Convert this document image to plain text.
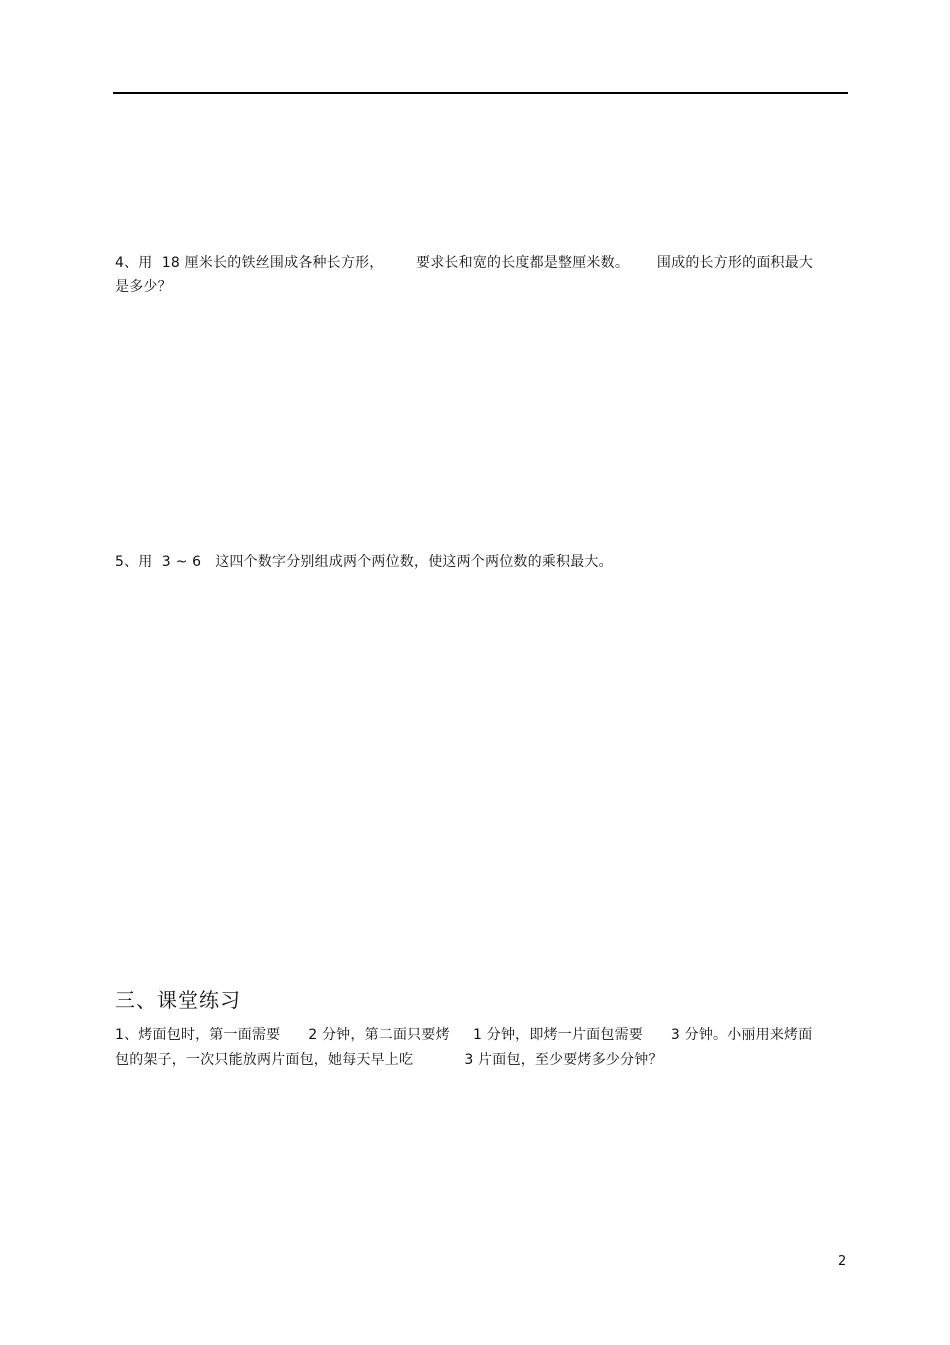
4、用  18 厘米长的铁丝围成各种长方形，       要求长和宽的长度都是整厘米数。      围成的长方形的面积最大
是多少？
5、用  3 ~ 6   这四个数字分别组成两个两位数，使这两个两位数的乘积最大。
三、课堂练习
1、烤面包时，第一面需要      2 分钟，第二面只要烤     1 分钟，即烤一片面包需要      3 分钟。小丽用来烤面
包的架子，一次只能放两片面包，她每天早上吃           3 片面包，至少要烤多少分钟？
2
